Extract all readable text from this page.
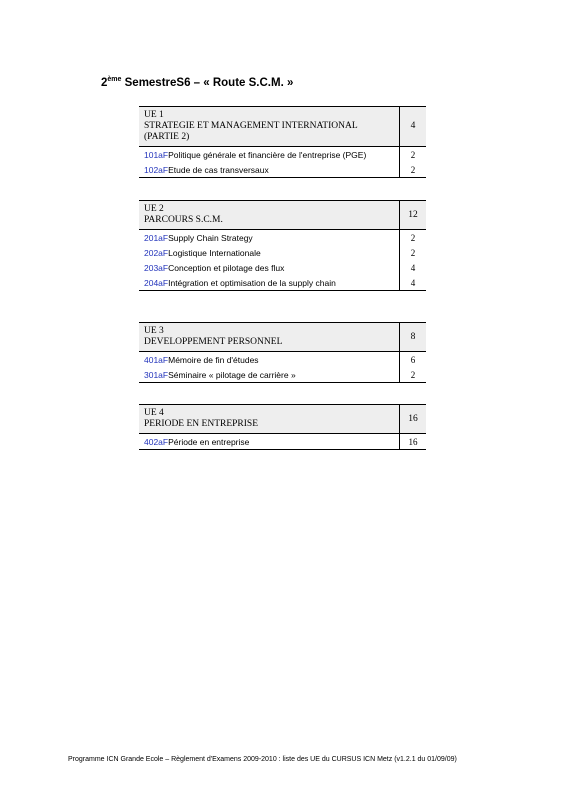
2ème SemestreS6 – « Route S.C.M. »
UE 1
STRATEGIE ET MANAGEMENT INTERNATIONAL (PARTIE 2)	4
101aFPolitique générale et financière de l'entreprise (PGE)	2
102aFEtude de cas transversaux	2
UE 2
PARCOURS S.C.M.	12
201aFSupply Chain Strategy	2
202aFLogistique Internationale	2
203aFConception et pilotage des flux	4
204aFIntégration et optimisation de la supply chain	4
UE 3
DEVELOPPEMENT PERSONNEL	8
401aFMémoire de fin d'études	6
301aFSéminaire « pilotage de carrière »	2
UE 4
PERIODE EN ENTREPRISE	16
402aFPériode en entreprise	16
Programme ICN Grande Ecole – Règlement d'Examens 2009-2010 : liste des UE du CURSUS ICN Metz (v1.2.1 du 01/09/09)
